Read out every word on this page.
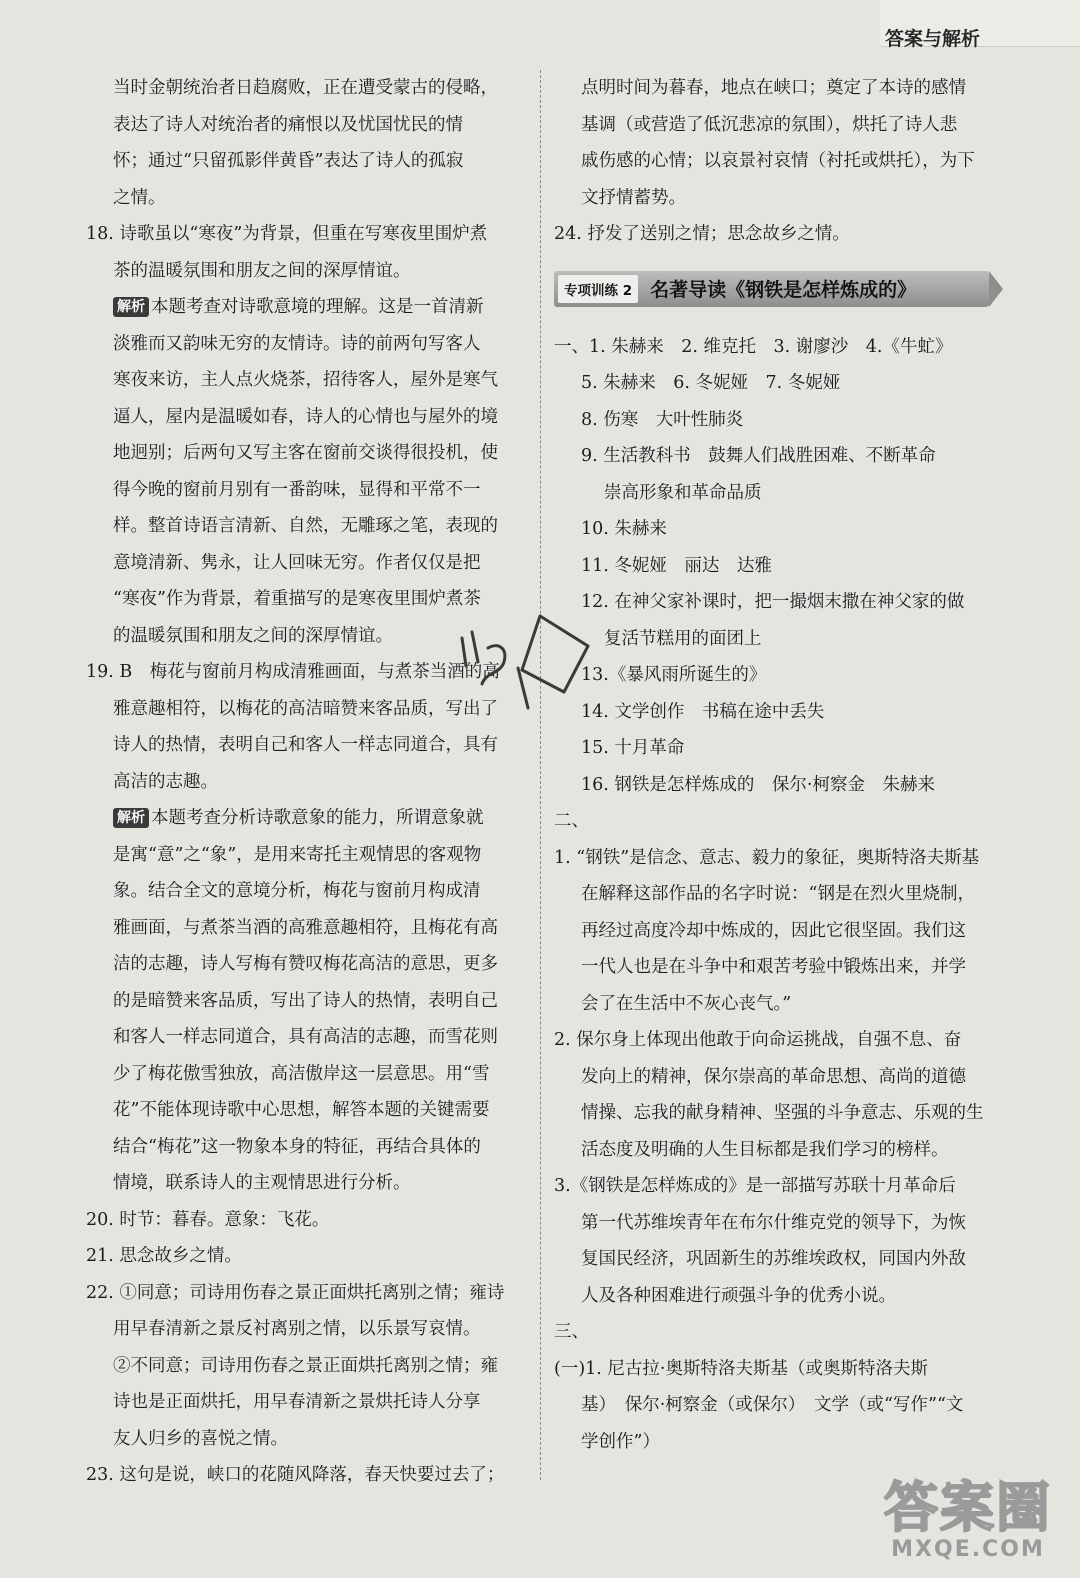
答案与解析
当时金朝统治者日趋腐败，正在遭受蒙古的侵略，
表达了诗人对统治者的痛恨以及忧国忧民的情
怀；通过“只留孤影伴黄昏”表达了诗人的孤寂
之情。
18. 诗歌虽以“寒夜”为背景，但重在写寒夜里围炉煮
茶的温暖氛围和朋友之间的深厚情谊。
解析 本题考查对诗歌意境的理解。这是一首清新
淡雅而又韵味无穷的友情诗。诗的前两句写客人
寒夜来访，主人点火烧茶，招待客人，屋外是寒气
逼人，屋内是温暖如春，诗人的心情也与屋外的境
地迥别；后两句又写主客在窗前交谈得很投机，使
得今晚的窗前月别有一番韵味，显得和平常不一
样。整首诗语言清新、自然，无雕琢之笔，表现的
意境清新、隽永，让人回味无穷。作者仅仅是把
“寒夜”作为背景，着重描写的是寒夜里围炉煮茶
的温暖氛围和朋友之间的深厚情谊。
19. B　梅花与窗前月构成清雅画面，与煮茶当酒的高
雅意趣相符，以梅花的高洁暗赞来客品质，写出了
诗人的热情，表明自己和客人一样志同道合，具有
高洁的志趣。
解析 本题考查分析诗歌意象的能力，所谓意象就
是寓“意”之“象”，是用来寄托主观情思的客观物
象。结合全文的意境分析，梅花与窗前月构成清
雅画面，与煮茶当酒的高雅意趣相符，且梅花有高
洁的志趣，诗人写梅有赞叹梅花高洁的意思，更多
的是暗赞来客品质，写出了诗人的热情，表明自己
和客人一样志同道合，具有高洁的志趣，而雪花则
少了梅花傲雪独放，高洁傲岸这一层意思。用“雪
花”不能体现诗歌中心思想，解答本题的关键需要
结合“梅花”这一物象本身的特征，再结合具体的
情境，联系诗人的主观情思进行分析。
20. 时节：暮春。意象：飞花。
21. 思念故乡之情。
22. ①同意；司诗用伤春之景正面烘托离别之情；雍诗
用早春清新之景反衬离别之情，以乐景写哀情。
②不同意；司诗用伤春之景正面烘托离别之情；雍
诗也是正面烘托，用早春清新之景烘托诗人分享
友人归乡的喜悦之情。
23. 这句是说，峡口的花随风降落，春天快要过去了；
点明时间为暮春，地点在峡口；奠定了本诗的感情
基调（或营造了低沉悲凉的氛围），烘托了诗人悲
戚伤感的心情；以哀景衬哀情（衬托或烘托），为下
文抒情蓄势。
24. 抒发了送别之情；思念故乡之情。
专项训练 2 名著导读《钢铁是怎样炼成的》
一、1. 朱赫来　2. 维克托　3. 谢廖沙　4.《牛虻》
5. 朱赫来　6. 冬妮娅　7. 冬妮娅
8. 伤寒　大叶性肺炎
9. 生活教科书　鼓舞人们战胜困难、不断革命
崇高形象和革命品质
10. 朱赫来
11. 冬妮娅　丽达　达雅
12. 在神父家补课时，把一撮烟末撒在神父家的做
复活节糕用的面团上
13.《暴风雨所诞生的》
14. 文学创作　书稿在途中丢失
15. 十月革命
16. 钢铁是怎样炼成的　保尔·柯察金　朱赫来
二、
1. “钢铁”是信念、意志、毅力的象征，奥斯特洛夫斯基
在解释这部作品的名字时说：“钢是在烈火里烧制，
再经过高度冷却中炼成的，因此它很坚固。我们这
一代人也是在斗争中和艰苦考验中锻炼出来，并学
会了在生活中不灰心丧气。”
2. 保尔身上体现出他敢于向命运挑战，自强不息、奋
发向上的精神，保尔崇高的革命思想、高尚的道德
情操、忘我的献身精神、坚强的斗争意志、乐观的生
活态度及明确的人生目标都是我们学习的榜样。
3.《钢铁是怎样炼成的》是一部描写苏联十月革命后
第一代苏维埃青年在布尔什维克党的领导下，为恢
复国民经济，巩固新生的苏维埃政权，同国内外敌
人及各种困难进行顽强斗争的优秀小说。
三、
(一)1. 尼古拉·奥斯特洛夫斯基（或奥斯特洛夫斯
基）　保尔·柯察金（或保尔）　文学（或“写作”“文
学创作”）
答案圈
MXQE.COM
